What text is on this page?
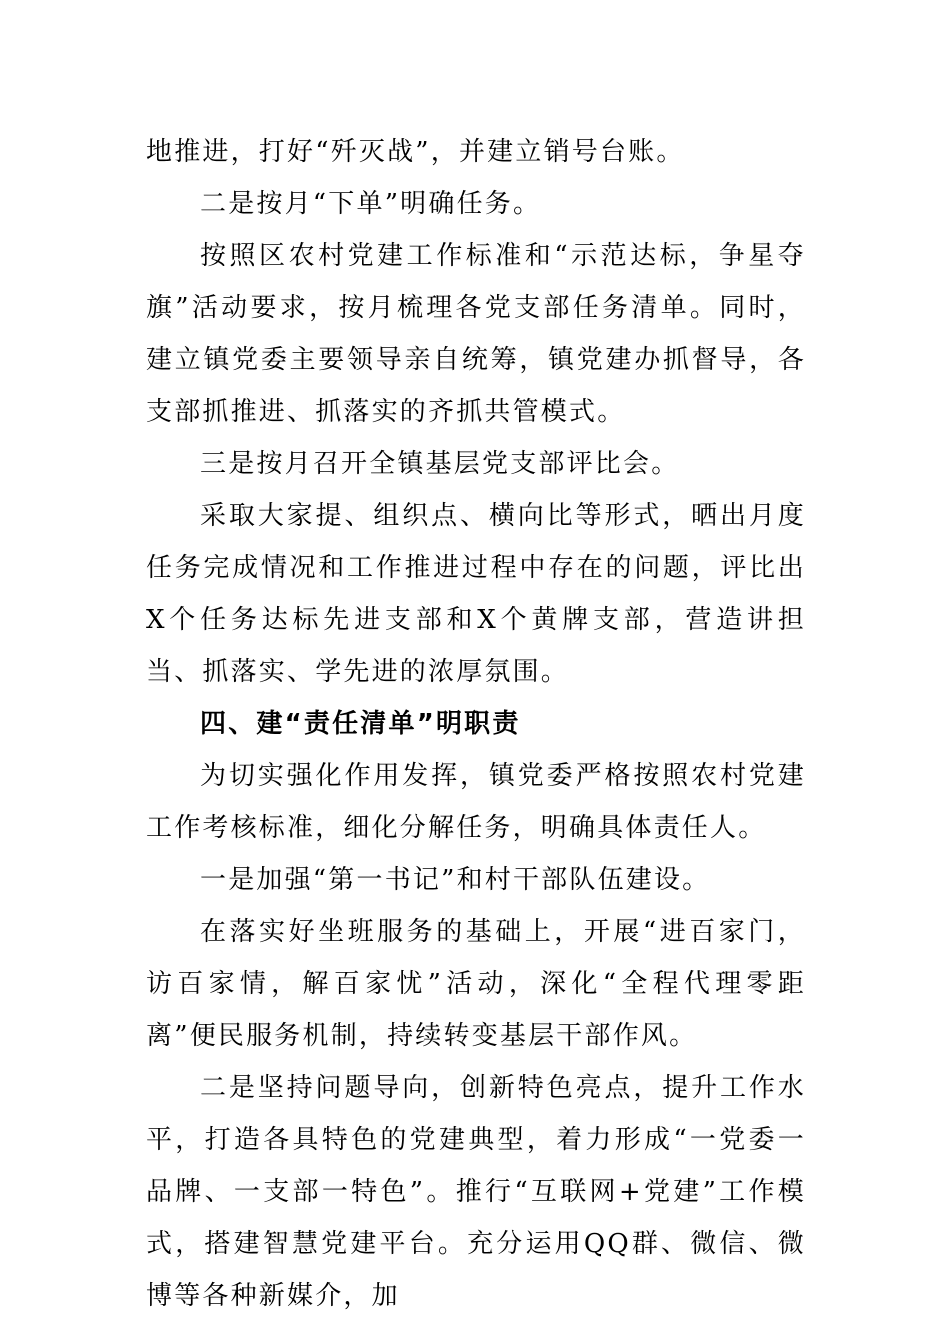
地推进，打好“歼灭战”，并建立销号台账。

二是按月“下单”明确任务。

按照区农村党建工作标准和“示范达标，争星夺旗”活动要求，按月梳理各党支部任务清单。同时，建立镇党委主要领导亲自统筹，镇党建办抓督导，各支部抓推进、抓落实的齐抓共管模式。

三是按月召开全镇基层党支部评比会。

采取大家提、组织点、横向比等形式，晒出月度任务完成情况和工作推进过程中存在的问题，评比出X个任务达标先进支部和X个黄牌支部，营造讲担当、抓落实、学先进的浓厚氛围。

四、建“责任清单”明职责

为切实强化作用发挥，镇党委严格按照农村党建工作考核标准，细化分解任务，明确具体责任人。

一是加强“第一书记”和村干部队伍建设。

在落实好坐班服务的基础上，开展“进百家门，访百家情，解百家忧”活动，深化“全程代理零距离”便民服务机制，持续转变基层干部作风。

二是坚持问题导向，创新特色亮点，提升工作水平，打造各具特色的党建典型，着力形成“一党委一品牌、一支部一特色”。推行“互联网+党建”工作模式，搭建智慧党建平台。充分运用QQ群、微信、微博等各种新媒介，加
